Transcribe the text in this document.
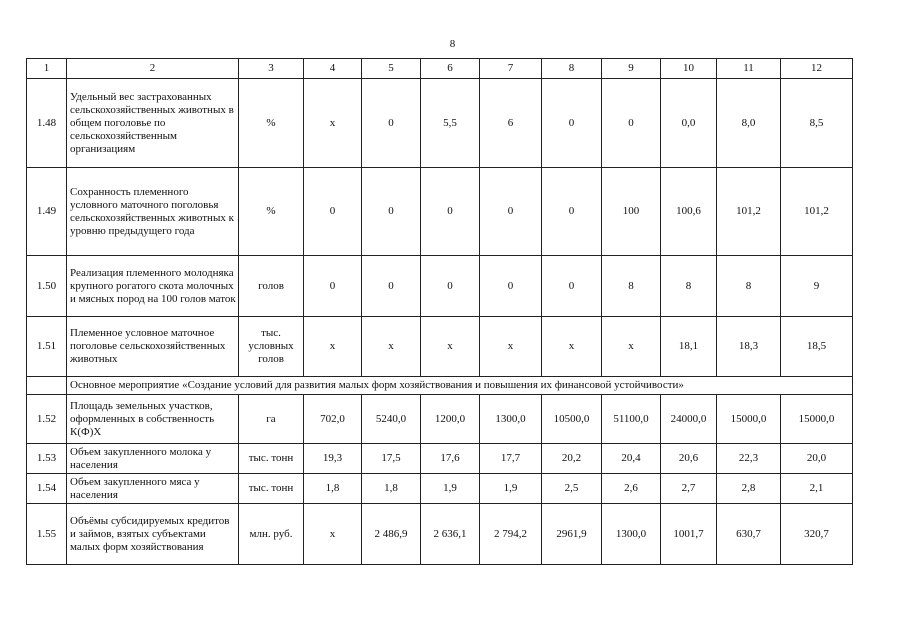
8
1	2	3	4	5	6	7	8	9	10	11	12
1.48	Удельный вес застрахованных сельскохозяйственных животных в общем поголовье по сельскохозяйственным организациям	%	x	0	5,5	6	0	0	0,0	8,0	8,5
1.49	Сохранность племенного условного маточного поголовья сельскохозяйственных животных к уровню предыдущего года	%	0	0	0	0	0	100	100,6	101,2	101,2
1.50	Реализация племенного молодняка крупного рогатого скота молочных и мясных пород на 100 голов маток	голов	0	0	0	0	0	8	8	8	9
1.51	Племенное условное маточное поголовье сельскохозяйственных животных	тыс. условных голов	x	x	x	x	x	x	18,1	18,3	18,5
	Основное мероприятие «Создание условий для развития малых форм хозяйствования и повышения их финансовой устойчивости»										
1.52	Площадь земельных участков, оформленных в собственность К(Ф)Х	га	702,0	5240,0	1200,0	1300,0	10500,0	51100,0	24000,0	15000,0	15000,0
1.53	Объем закупленного молока у населения	тыс. тонн	19,3	17,5	17,6	17,7	20,2	20,4	20,6	22,3	20,0
1.54	Объем закупленного мяса у населения	тыс. тонн	1,8	1,8	1,9	1,9	2,5	2,6	2,7	2,8	2,1
1.55	Объёмы субсидируемых кредитов и займов, взятых субъектами малых форм хозяйствования	млн. руб.	x	2 486,9	2 636,1	2 794,2	2961,9	1300,0	1001,7	630,7	320,7
